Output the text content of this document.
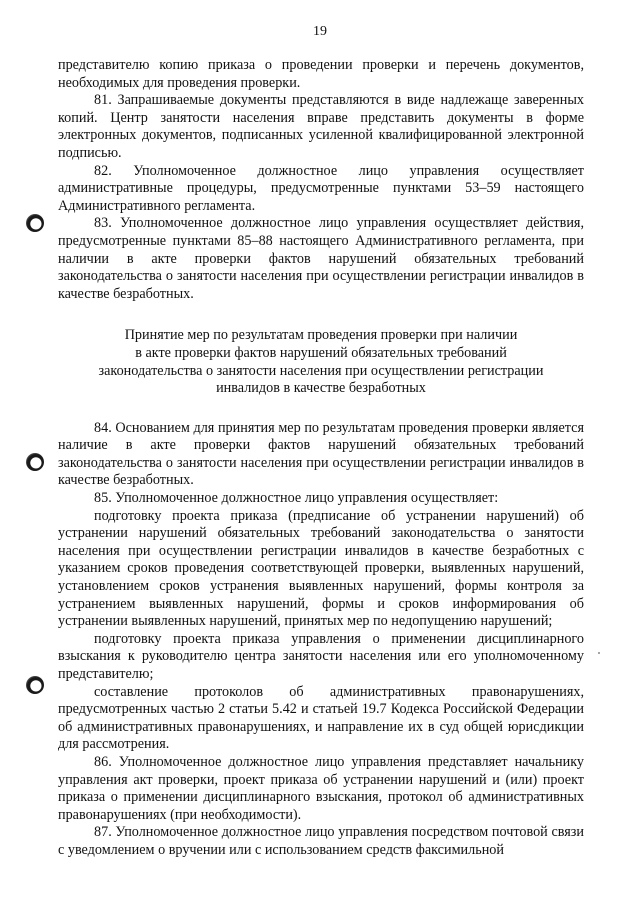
19

представителю копию приказа о проведении проверки и перечень документов, необходимых для проведения проверки.

81. Запрашиваемые документы представляются в виде надлежаще заверенных копий. Центр занятости населения вправе представить документы в форме электронных документов, подписанных усиленной квалифицированной электронной подписью.

82. Уполномоченное должностное лицо управления осуществляет административные процедуры, предусмотренные пунктами 53–59 настоящего Административного регламента.

83. Уполномоченное должностное лицо управления осуществляет действия, предусмотренные пунктами 85–88 настоящего Административного регламента, при наличии в акте проверки фактов нарушений обязательных требований законодательства о занятости населения при осуществлении регистрации инвалидов в качестве безработных.

Принятие мер по результатам проведения проверки при наличии
в акте проверки фактов нарушений обязательных требований
законодательства о занятости населения при осуществлении регистрации
инвалидов в качестве безработных

84. Основанием для принятия мер по результатам проведения проверки является наличие в акте проверки фактов нарушений обязательных требований законодательства о занятости населения при осуществлении регистрации инвалидов в качестве безработных.

85. Уполномоченное должностное лицо управления осуществляет:

подготовку проекта приказа (предписание об устранении нарушений) об устранении нарушений обязательных требований законодательства о занятости населения при осуществлении регистрации инвалидов в качестве безработных с указанием сроков проведения соответствующей проверки, выявленных нарушений, установлением сроков устранения выявленных нарушений, формы контроля за устранением выявленных нарушений, формы и сроков информирования об устранении выявленных нарушений, принятых мер по недопущению нарушений;

подготовку проекта приказа управления о применении дисциплинарного взыскания к руководителю центра занятости населения или его уполномоченному представителю;

составление протоколов об административных правонарушениях, предусмотренных частью 2 статьи 5.42 и статьей 19.7 Кодекса Российской Федерации об административных правонарушениях, и направление их в суд общей юрисдикции для рассмотрения.

86. Уполномоченное должностное лицо управления представляет начальнику управления акт проверки, проект приказа об устранении нарушений и (или) проект приказа о применении дисциплинарного взыскания, протокол об административных правонарушениях (при необходимости).

87. Уполномоченное должностное лицо управления посредством почтовой связи с уведомлением о вручении или с использованием средств факсимильной
